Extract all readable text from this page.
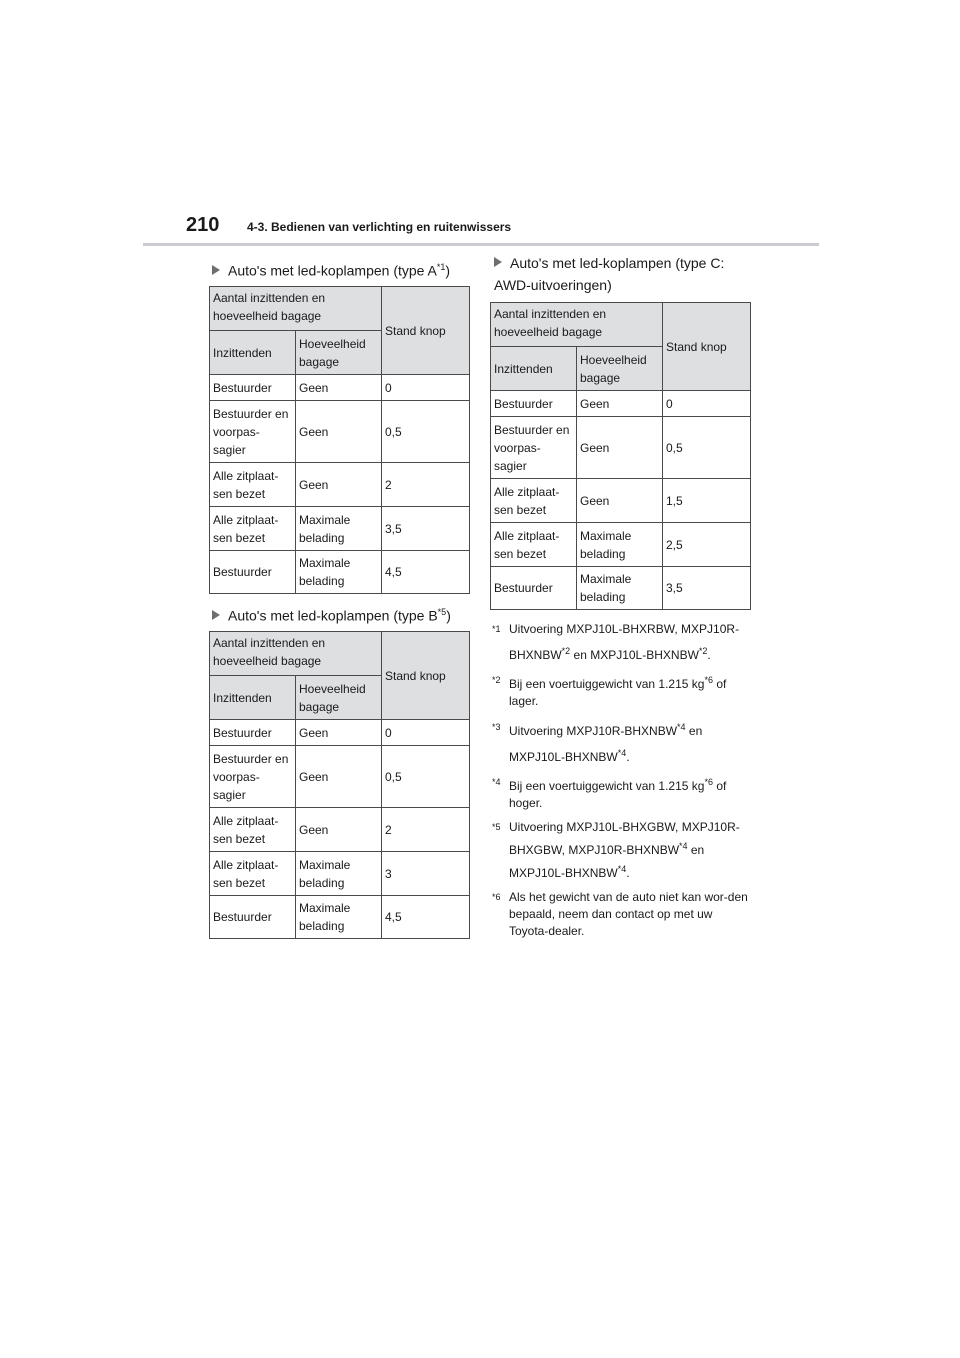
210 4-3. Bedienen van verlichting en ruitenwissers
Auto's met led-koplampen (type $A^{*1}$)
Aantal inzittenden en hoeveelheid bagage		Stand knop
Inzittenden	Hoeveelheid bagage	
Bestuurder	Geen	0
Bestuurder en voorpas-sagier	Geen	0,5
Alle zitplaat-sen bezet	Geen	2
Alle zitplaat-sen bezet	Maximale belading	3,5
Bestuurder	Maximale belading	4,5
Auto's met led-koplampen (type $B^{*5}$)
Aantal inzittenden en hoeveelheid bagage		Stand knop
Inzittenden	Hoeveelheid bagage	
Bestuurder	Geen	0
Bestuurder en voorpas-sagier	Geen	0,5
Alle zitplaat-sen bezet	Geen	2
Alle zitplaat-sen bezet	Maximale belading	3
Bestuurder	Maximale belading	4,5
Auto's met led-koplampen (type C:
AWD-uitvoeringen)
Aantal inzittenden en hoeveelheid bagage		Stand knop
Inzittenden	Hoeveelheid bagage	
Bestuurder	Geen	0
Bestuurder en voorpas-sagier	Geen	0,5
Alle zitplaat-sen bezet	Geen	1,5
Alle zitplaat-sen bezet	Maximale belading	2,5
Bestuurder	Maximale belading	3,5
*1 Uitvoering MXPJ10L-BHXRBW, MXPJ10R-BHXNBW$^{*2}$ en MXPJ10L-BHXNBW$^{*2}$.
*2 Bij een voertuiggewicht van 1.215 $kg^{*6}$ of lager.
*3 Uitvoering MXPJ10R-BHXNBW$^{*4}$ en MXPJ10L-BHXNBW$^{*4}$.
*4 Bij een voertuiggewicht van 1.215 $kg^{*6}$ of hoger.
*5 Uitvoering MXPJ10L-BHXGBW, MXPJ10R-BHXGBW, MXPJ10R-BHXNBW$^{*4}$ en MXPJ10L-BHXNBW$^{*4}$.
*6 Als het gewicht van de auto niet kan wor-den bepaald, neem dan contact op met uw Toyota-dealer.
